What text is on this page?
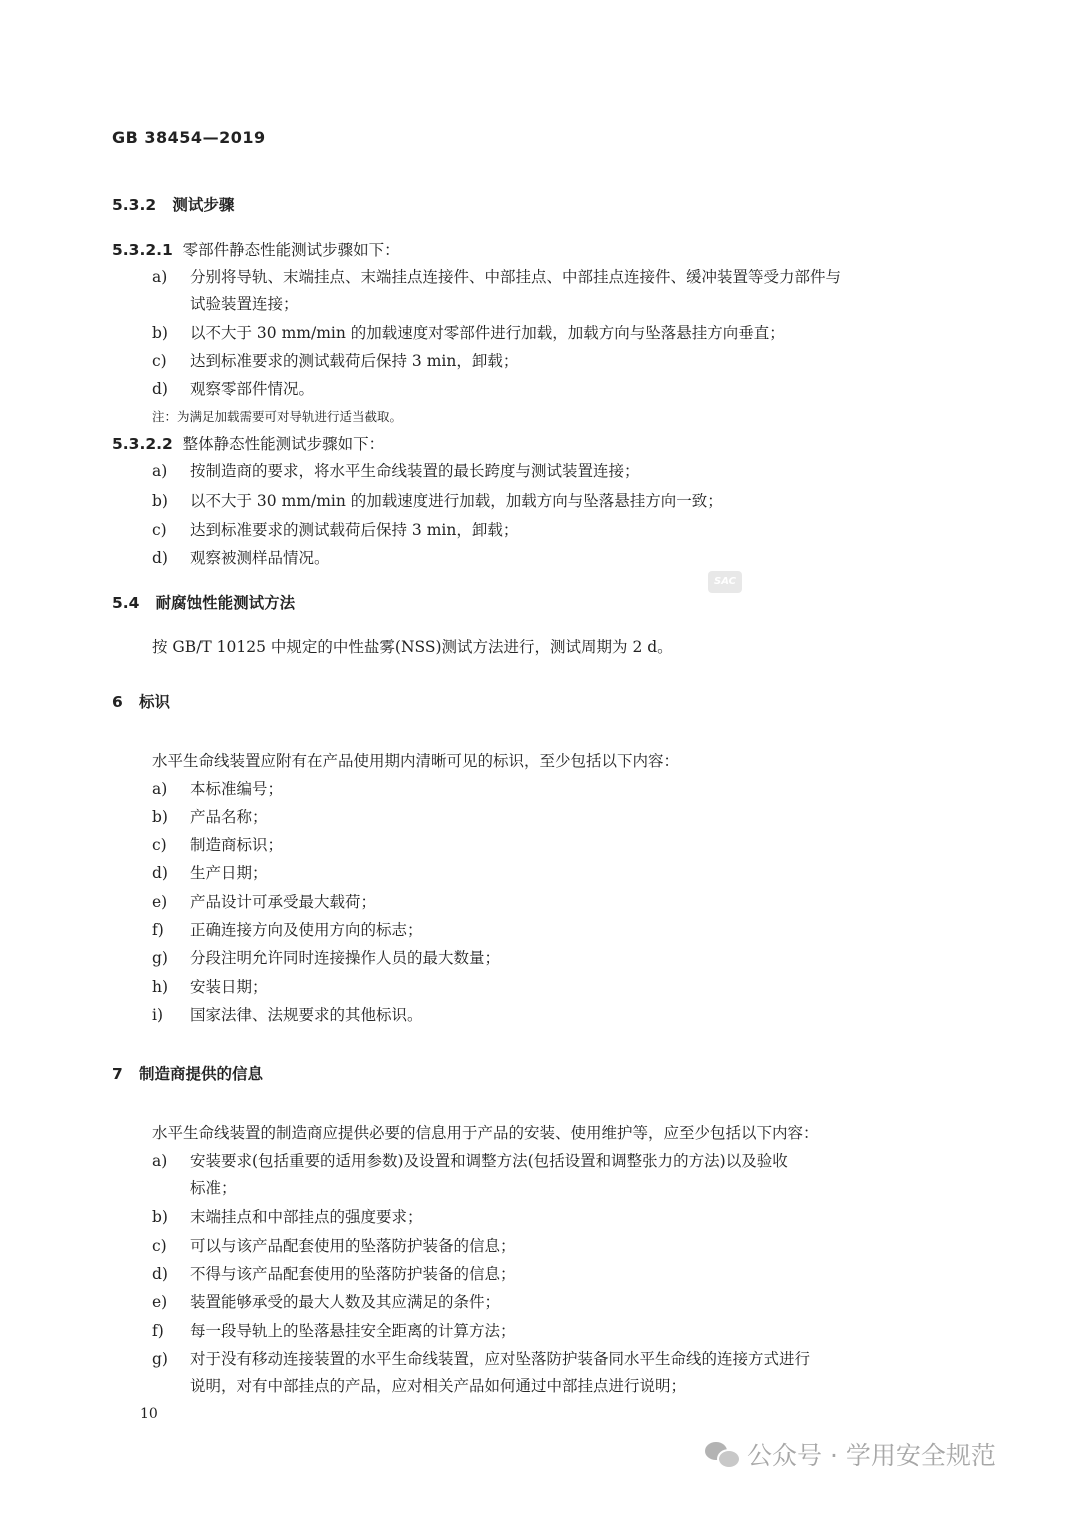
GB 38454—2019
5.3.2 测试步骤
5.3.2.1 零部件静态性能测试步骤如下：
a) 分别将导轨、末端挂点、末端挂点连接件、中部挂点、中部挂点连接件、缓冲装置等受力部件与
试验装置连接；
b) 以不大于 30 mm/min 的加载速度对零部件进行加载，加载方向与坠落悬挂方向垂直；
c) 达到标准要求的测试载荷后保持 3 min，卸载；
d) 观察零部件情况。
注：为满足加载需要可对导轨进行适当截取。
5.3.2.2 整体静态性能测试步骤如下：
a) 按制造商的要求，将水平生命线装置的最长跨度与测试装置连接；
b) 以不大于 30 mm/min 的加载速度进行加载，加载方向与坠落悬挂方向一致；
c) 达到标准要求的测试载荷后保持 3 min，卸载；
d) 观察被测样品情况。
SAC
5.4 耐腐蚀性能测试方法
按 GB/T 10125 中规定的中性盐雾(NSS)测试方法进行，测试周期为 2 d。
6 标识
水平生命线装置应附有在产品使用期内清晰可见的标识，至少包括以下内容：
a) 本标准编号；
b) 产品名称；
c) 制造商标识；
d) 生产日期；
e) 产品设计可承受最大载荷；
f) 正确连接方向及使用方向的标志；
g) 分段注明允许同时连接操作人员的最大数量；
h) 安装日期；
i) 国家法律、法规要求的其他标识。
7 制造商提供的信息
水平生命线装置的制造商应提供必要的信息用于产品的安装、使用维护等，应至少包括以下内容：
a) 安装要求(包括重要的适用参数)及设置和调整方法(包括设置和调整张力的方法)以及验收
标准；
b) 末端挂点和中部挂点的强度要求；
c) 可以与该产品配套使用的坠落防护装备的信息；
d) 不得与该产品配套使用的坠落防护装备的信息；
e) 装置能够承受的最大人数及其应满足的条件；
f) 每一段导轨上的坠落悬挂安全距离的计算方法；
g) 对于没有移动连接装置的水平生命线装置，应对坠落防护装备同水平生命线的连接方式进行
说明，对有中部挂点的产品，应对相关产品如何通过中部挂点进行说明；
10
公众号 · 学用安全规范
